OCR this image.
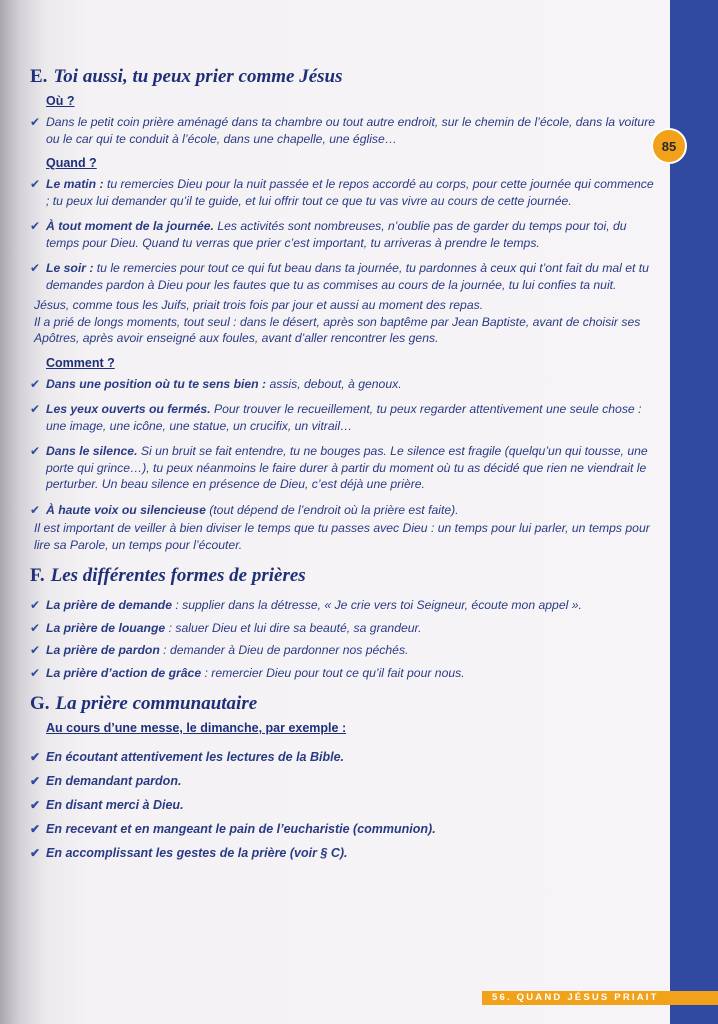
85
E. Toi aussi, tu peux prier comme Jésus
Où ?
✔ Dans le petit coin prière aménagé dans ta chambre ou tout autre endroit, sur le chemin de l’école, dans la voiture ou le car qui te conduit à l’école, dans une chapelle, une église…
Quand ?
✔ Le matin : tu remercies Dieu pour la nuit passée et le repos accordé au corps, pour cette journée qui commence ; tu peux lui demander qu’il te guide, et lui offrir tout ce que tu vas vivre au cours de cette journée.
✔ À tout moment de la journée. Les activités sont nombreuses, n’oublie pas de garder du temps pour toi, du temps pour Dieu. Quand tu verras que prier c’est important, tu arriveras à prendre le temps.
✔ Le soir : tu le remercies pour tout ce qui fut beau dans ta journée, tu pardonnes à ceux qui t’ont fait du mal et tu demandes pardon à Dieu pour les fautes que tu as commises au cours de la journée, tu lui confies ta nuit.
Jésus, comme tous les Juifs, priait trois fois par jour et aussi au moment des repas.
Il a prié de longs moments, tout seul : dans le désert, après son baptême par Jean Baptiste, avant de choisir ses Apôtres, après avoir enseigné aux foules, avant d’aller rencontrer les gens.
Comment ?
✔ Dans une position où tu te sens bien : assis, debout, à genoux.
✔ Les yeux ouverts ou fermés. Pour trouver le recueillement, tu peux regarder attentivement une seule chose : une image, une icône, une statue, un crucifix, un vitrail…
✔ Dans le silence. Si un bruit se fait entendre, tu ne bouges pas. Le silence est fragile (quelqu’un qui tousse, une porte qui grince…), tu peux néanmoins le faire durer à partir du moment où tu as décidé que rien ne viendrait le perturber. Un beau silence en présence de Dieu, c’est déjà une prière.
✔ À haute voix ou silencieuse (tout dépend de l’endroit où la prière est faite).
Il est important de veiller à bien diviser le temps que tu passes avec Dieu : un temps pour lui parler, un temps pour lire sa Parole, un temps pour l’écouter.
F. Les différentes formes de prières
✔ La prière de demande : supplier dans la détresse, « Je crie vers toi Seigneur, écoute mon appel ».
✔ La prière de louange : saluer Dieu et lui dire sa beauté, sa grandeur.
✔ La prière de pardon : demander à Dieu de pardonner nos péchés.
✔ La prière d’action de grâce : remercier Dieu pour tout ce qu’il fait pour nous.
G. La prière communautaire
Au cours d’une messe, le dimanche, par exemple :
✔ En écoutant attentivement les lectures de la Bible.
✔ En demandant pardon.
✔ En disant merci à Dieu.
✔ En recevant et en mangeant le pain de l’eucharistie (communion).
✔ En accomplissant les gestes de la prière (voir § C).
56. QUAND JÉSUS PRIAIT
